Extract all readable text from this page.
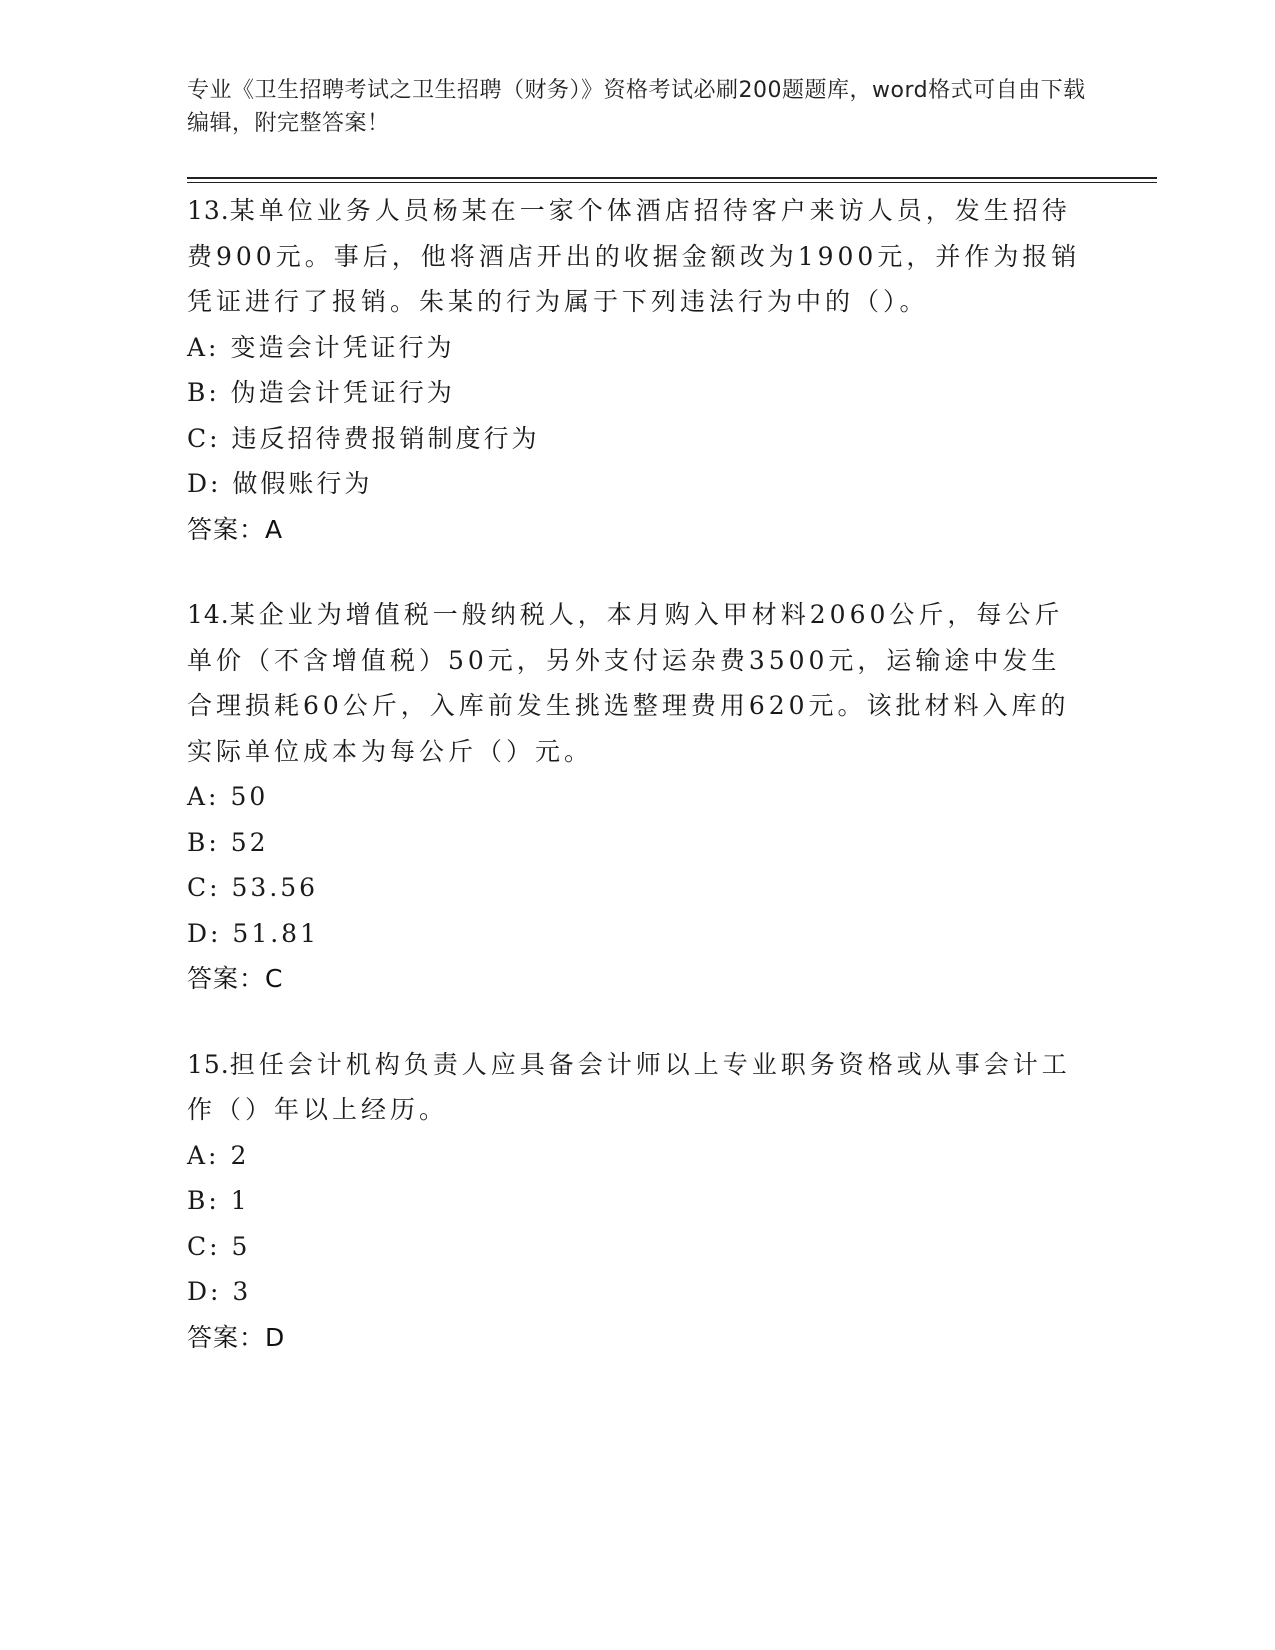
专业《卫生招聘考试之卫生招聘（财务）》资格考试必刷200题题库，word格式可自由下载编辑，附完整答案！

13.某单位业务人员杨某在一家个体酒店招待客户来访人员，发生招待费900元。事后，他将酒店开出的收据金额改为1900元，并作为报销凭证进行了报销。朱某的行为属于下列违法行为中的（）。

A: 变造会计凭证行为

B: 伪造会计凭证行为

C: 违反招待费报销制度行为

D: 做假账行为

答案：A

14.某企业为增值税一般纳税人，本月购入甲材料2060公斤，每公斤单价（不含增值税）50元，另外支付运杂费3500元，运输途中发生合理损耗60公斤，入库前发生挑选整理费用620元。该批材料入库的实际单位成本为每公斤（）元。

A: 50

B: 52

C: 53.56

D: 51.81

答案：C

15.担任会计机构负责人应具备会计师以上专业职务资格或从事会计工作（）年以上经历。

A: 2

B: 1

C: 5

D: 3

答案：D
